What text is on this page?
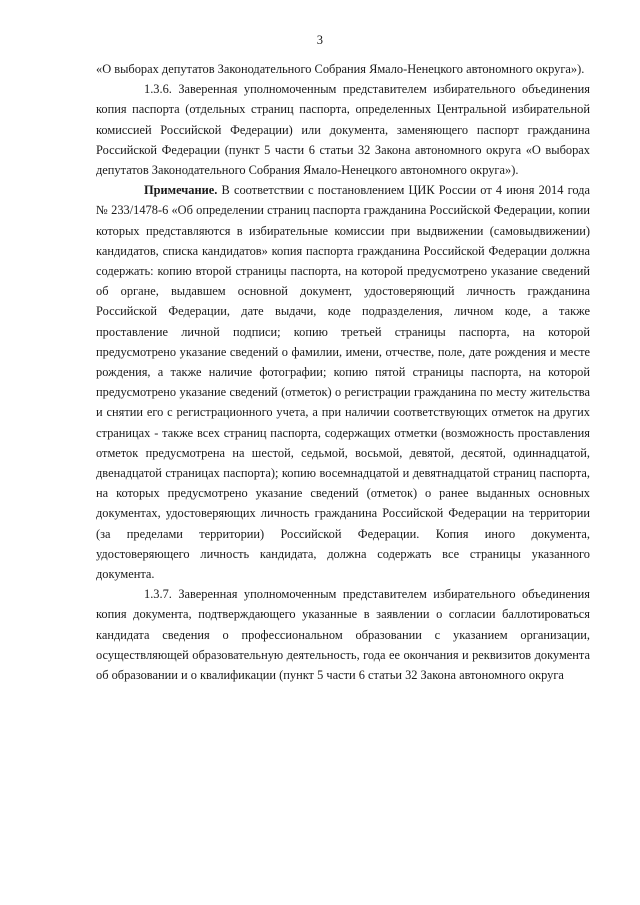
3

«О выборах депутатов Законодательного Собрания Ямало-Ненецкого автономного округа»).

1.3.6. Заверенная уполномоченным представителем избирательного объединения копия паспорта (отдельных страниц паспорта, определенных Центральной избирательной комиссией Российской Федерации) или документа, заменяющего паспорт гражданина Российской Федерации (пункт 5 части 6 статьи 32 Закона автономного округа «О выборах депутатов Законодательного Собрания Ямало-Ненецкого автономного округа»).

Примечание. В соответствии с постановлением ЦИК России от 4 июня 2014 года № 233/1478-6 «Об определении страниц паспорта гражданина Российской Федерации, копии которых представляются в избирательные комиссии при выдвижении (самовыдвижении) кандидатов, списка кандидатов» копия паспорта гражданина Российской Федерации должна содержать: копию второй страницы паспорта, на которой предусмотрено указание сведений об органе, выдавшем основной документ, удостоверяющий личность гражданина Российской Федерации, дате выдачи, коде подразделения, личном коде, а также проставление личной подписи; копию третьей страницы паспорта, на которой предусмотрено указание сведений о фамилии, имени, отчестве, поле, дате рождения и месте рождения, а также наличие фотографии; копию пятой страницы паспорта, на которой предусмотрено указание сведений (отметок) о регистрации гражданина по месту жительства и снятии его с регистрационного учета, а при наличии соответствующих отметок на других страницах - также всех страниц паспорта, содержащих отметки (возможность проставления отметок предусмотрена на шестой, седьмой, восьмой, девятой, десятой, одиннадцатой, двенадцатой страницах паспорта); копию восемнадцатой и девятнадцатой страниц паспорта, на которых предусмотрено указание сведений (отметок) о ранее выданных основных документах, удостоверяющих личность гражданина Российской Федерации на территории (за пределами территории) Российской Федерации. Копия иного документа, удостоверяющего личность кандидата, должна содержать все страницы указанного документа.

1.3.7. Заверенная уполномоченным представителем избирательного объединения копия документа, подтверждающего указанные в заявлении о согласии баллотироваться кандидата сведения о профессиональном образовании с указанием организации, осуществляющей образовательную деятельность, года ее окончания и реквизитов документа об образовании и о квалификации (пункт 5 части 6 статьи 32 Закона автономного округа
